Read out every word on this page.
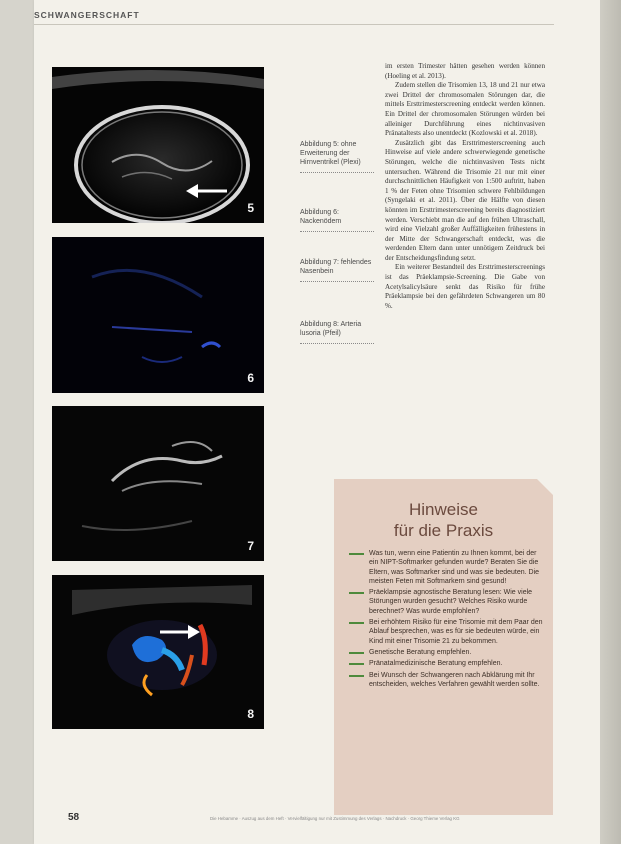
SCHWANGERSCHAFT
5
6
7
8
Abbildung 5: ohne Erweiterung der Hirnventrikel (Plexi)
Abbildung 6: Nackenödem
Abbildung 7: fehlendes Nasenbein
Abbildung 8: Arteria lusoria (Pfeil)

im ersten Trimester hätten gesehen werden können (Hoeling et al. 2013).

Zudem stellen die Trisomien 13, 18 und 21 nur etwa zwei Drittel der chromosomalen Störungen dar, die mittels Ersttrimesterscreening entdeckt werden können. Ein Drittel der chromosomalen Störungen würden bei alleiniger Durchführung eines nichtinvasiven Pränataltests also unentdeckt (Kozlowski et al. 2018).

Zusätzlich gibt das Ersttrimesterscreening auch Hinweise auf viele andere schwerwiegende genetische Störungen, welche die nichtinvasiven Tests nicht untersuchen. Während die Trisomie 21 nur mit einer durchschnittlichen Häufigkeit von 1:500 auftritt, haben 1 % der Feten ohne Trisomien schwere Fehlbildungen (Syngelaki et al. 2011). Über die Hälfte von diesen könnten im Ersttrimesterscreening bereits diagnostiziert werden. Verschiebt man die auf den frühen Ultraschall, wird eine Vielzahl großer Auffälligkeiten frühestens in der Mitte der Schwangerschaft entdeckt, was die werdenden Eltern dann unter unnötigem Zeitdruck bei der Entscheidungsfindung setzt.

Ein weiterer Bestandteil des Ersttrimesterscreenings ist das Präeklampsie-Screening. Die Gabe von Acetylsalicylsäure senkt das Risiko für frühe Präeklampsie bei den gefährdeten Schwangeren um 80 %.

Hinweise
für die Praxis
Was tun, wenn eine Patientin zu Ihnen kommt, bei der ein NIPT-Softmarker gefunden wurde? Beraten Sie die Eltern, was Softmarker sind und was sie bedeuten. Die meisten Feten mit Softmarkern sind gesund!
Präeklampsie agnostische Beratung lesen: Wie viele Störungen wurden gesucht? Welches Risiko wurde berechnet? Was wurde empfohlen?
Bei erhöhtem Risiko für eine Trisomie mit dem Paar den Ablauf besprechen, was es für sie bedeuten würde, ein Kind mit einer Trisomie 21 zu bekommen.
Genetische Beratung empfehlen.
Pränatalmedizinische Beratung empfehlen.
Bei Wunsch der Schwangeren nach Abklärung mit Ihr entscheiden, welches Verfahren gewählt werden sollte.
58	Die Hebamme · Auszug aus dem Heft · Vervielfältigung nur mit Zustimmung des Verlags · Nachdruck · Georg Thieme Verlag KG
